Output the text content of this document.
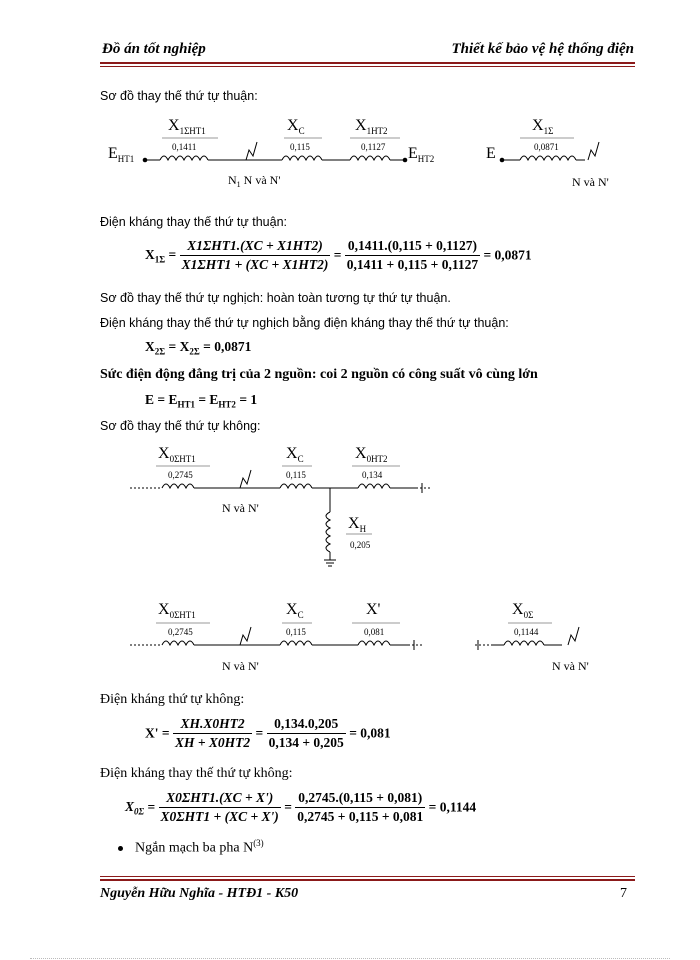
Đồ án tốt nghiệp	Thiết kế bảo vệ hệ thống điện
Sơ đồ thay thế thứ tự thuận:
$E_{HT1}$
$X_{1\Sigma HT1}$
0,1411
$X_C$
0,115
$X_{1HT2}$
0,1127 $E_{HT2}$
$N_1$ N và N'
E
$X_{1\Sigma}$
0,0871
N và N'
Điện kháng thay thế thứ tự thuận:
$X_{1\Sigma} = \frac{\text{X1ΣHT1.(XC + X1HT2)}}{\text{X1ΣHT1 + (XC + X1HT2)}} = \frac{0,1411.(0,115 + 0,1127)}{0,1411 + 0,115 + 0,1127} = 0,0871$
Sơ đồ thay thế thứ tự nghịch: hoàn toàn tương tự thứ tự thuận.
Điện kháng thay thế thứ tự nghịch bằng điện kháng thay thế thứ tự thuận:
$X_{2\Sigma} = X_{2\Sigma} = 0,0871$
Sức điện động đẳng trị của 2 nguồn: coi 2 nguồn có công suất vô cùng lớn
$E = E_{HT1} = E_{HT2} = 1$
Sơ đồ thay thế thứ tự không:
$X_{0\Sigma HT1}$
0,2745
$X_C$
0,115
$X_{0HT2}$
0,134
$X_H$
0,205
N và N'
$X_{0\Sigma HT1}$
0,2745
$X_C$
0,115
X'
0,081
N và N'
$X_{0\Sigma}$
0,1144
N và N'
Điện kháng thứ tự không:
$X' = \frac{XH.X0HT2}{XH + X0HT2} = \frac{0,134.0,205}{0,134 + 0,205} = 0,081$
Điện kháng thay thế thứ tự không:
$X_{0\Sigma} = \frac{\text{X0ΣHT1.(XC + X')}}{\text{X0ΣHT1 + (XC + X')}} = \frac{0,2745.(0,115 + 0,081)}{0,2745 + 0,115 + 0,081} = 0,1144$
Ngắn mạch ba pha $N^{(3)}$
Nguyễn Hữu Nghĩa - HTĐ1 - K50	7
